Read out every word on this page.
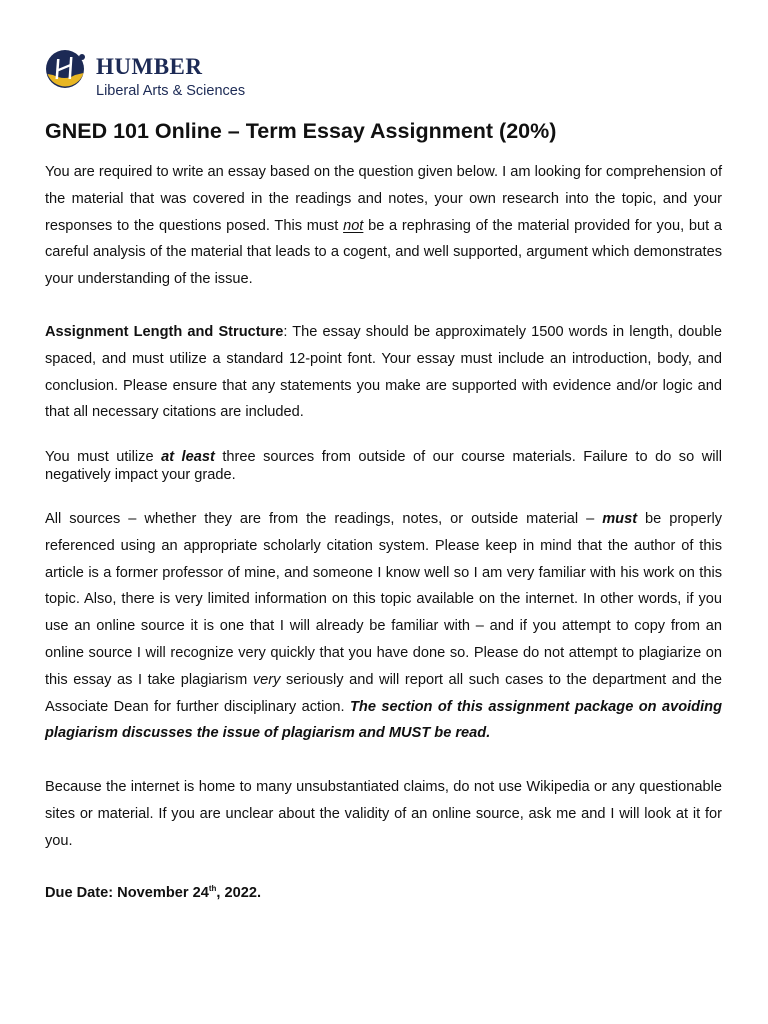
HUMBER
Liberal Arts & Sciences
GNED 101 Online – Term Essay Assignment (20%)

You are required to write an essay based on the question given below. I am looking for comprehension of the material that was covered in the readings and notes, your own research into the topic, and your responses to the questions posed. This must not be a rephrasing of the material provided for you, but a careful analysis of the material that leads to a cogent, and well supported, argument which demonstrates your understanding of the issue.

Assignment Length and Structure: The essay should be approximately 1500 words in length, double spaced, and must utilize a standard 12-point font. Your essay must include an introduction, body, and conclusion. Please ensure that any statements you make are supported with evidence and/or logic and that all necessary citations are included.

You must utilize at least three sources from outside of our course materials. Failure to do so will negatively impact your grade.

All sources – whether they are from the readings, notes, or outside material – must be properly referenced using an appropriate scholarly citation system. Please keep in mind that the author of this article is a former professor of mine, and someone I know well so I am very familiar with his work on this topic. Also, there is very limited information on this topic available on the internet. In other words, if you use an online source it is one that I will already be familiar with – and if you attempt to copy from an online source I will recognize very quickly that you have done so. Please do not attempt to plagiarize on this essay as I take plagiarism very seriously and will report all such cases to the department and the Associate Dean for further disciplinary action. The section of this assignment package on avoiding plagiarism discusses the issue of plagiarism and MUST be read.

Because the internet is home to many unsubstantiated claims, do not use Wikipedia or any questionable sites or material. If you are unclear about the validity of an online source, ask me and I will look at it for you.

Due Date: November 24th, 2022.
